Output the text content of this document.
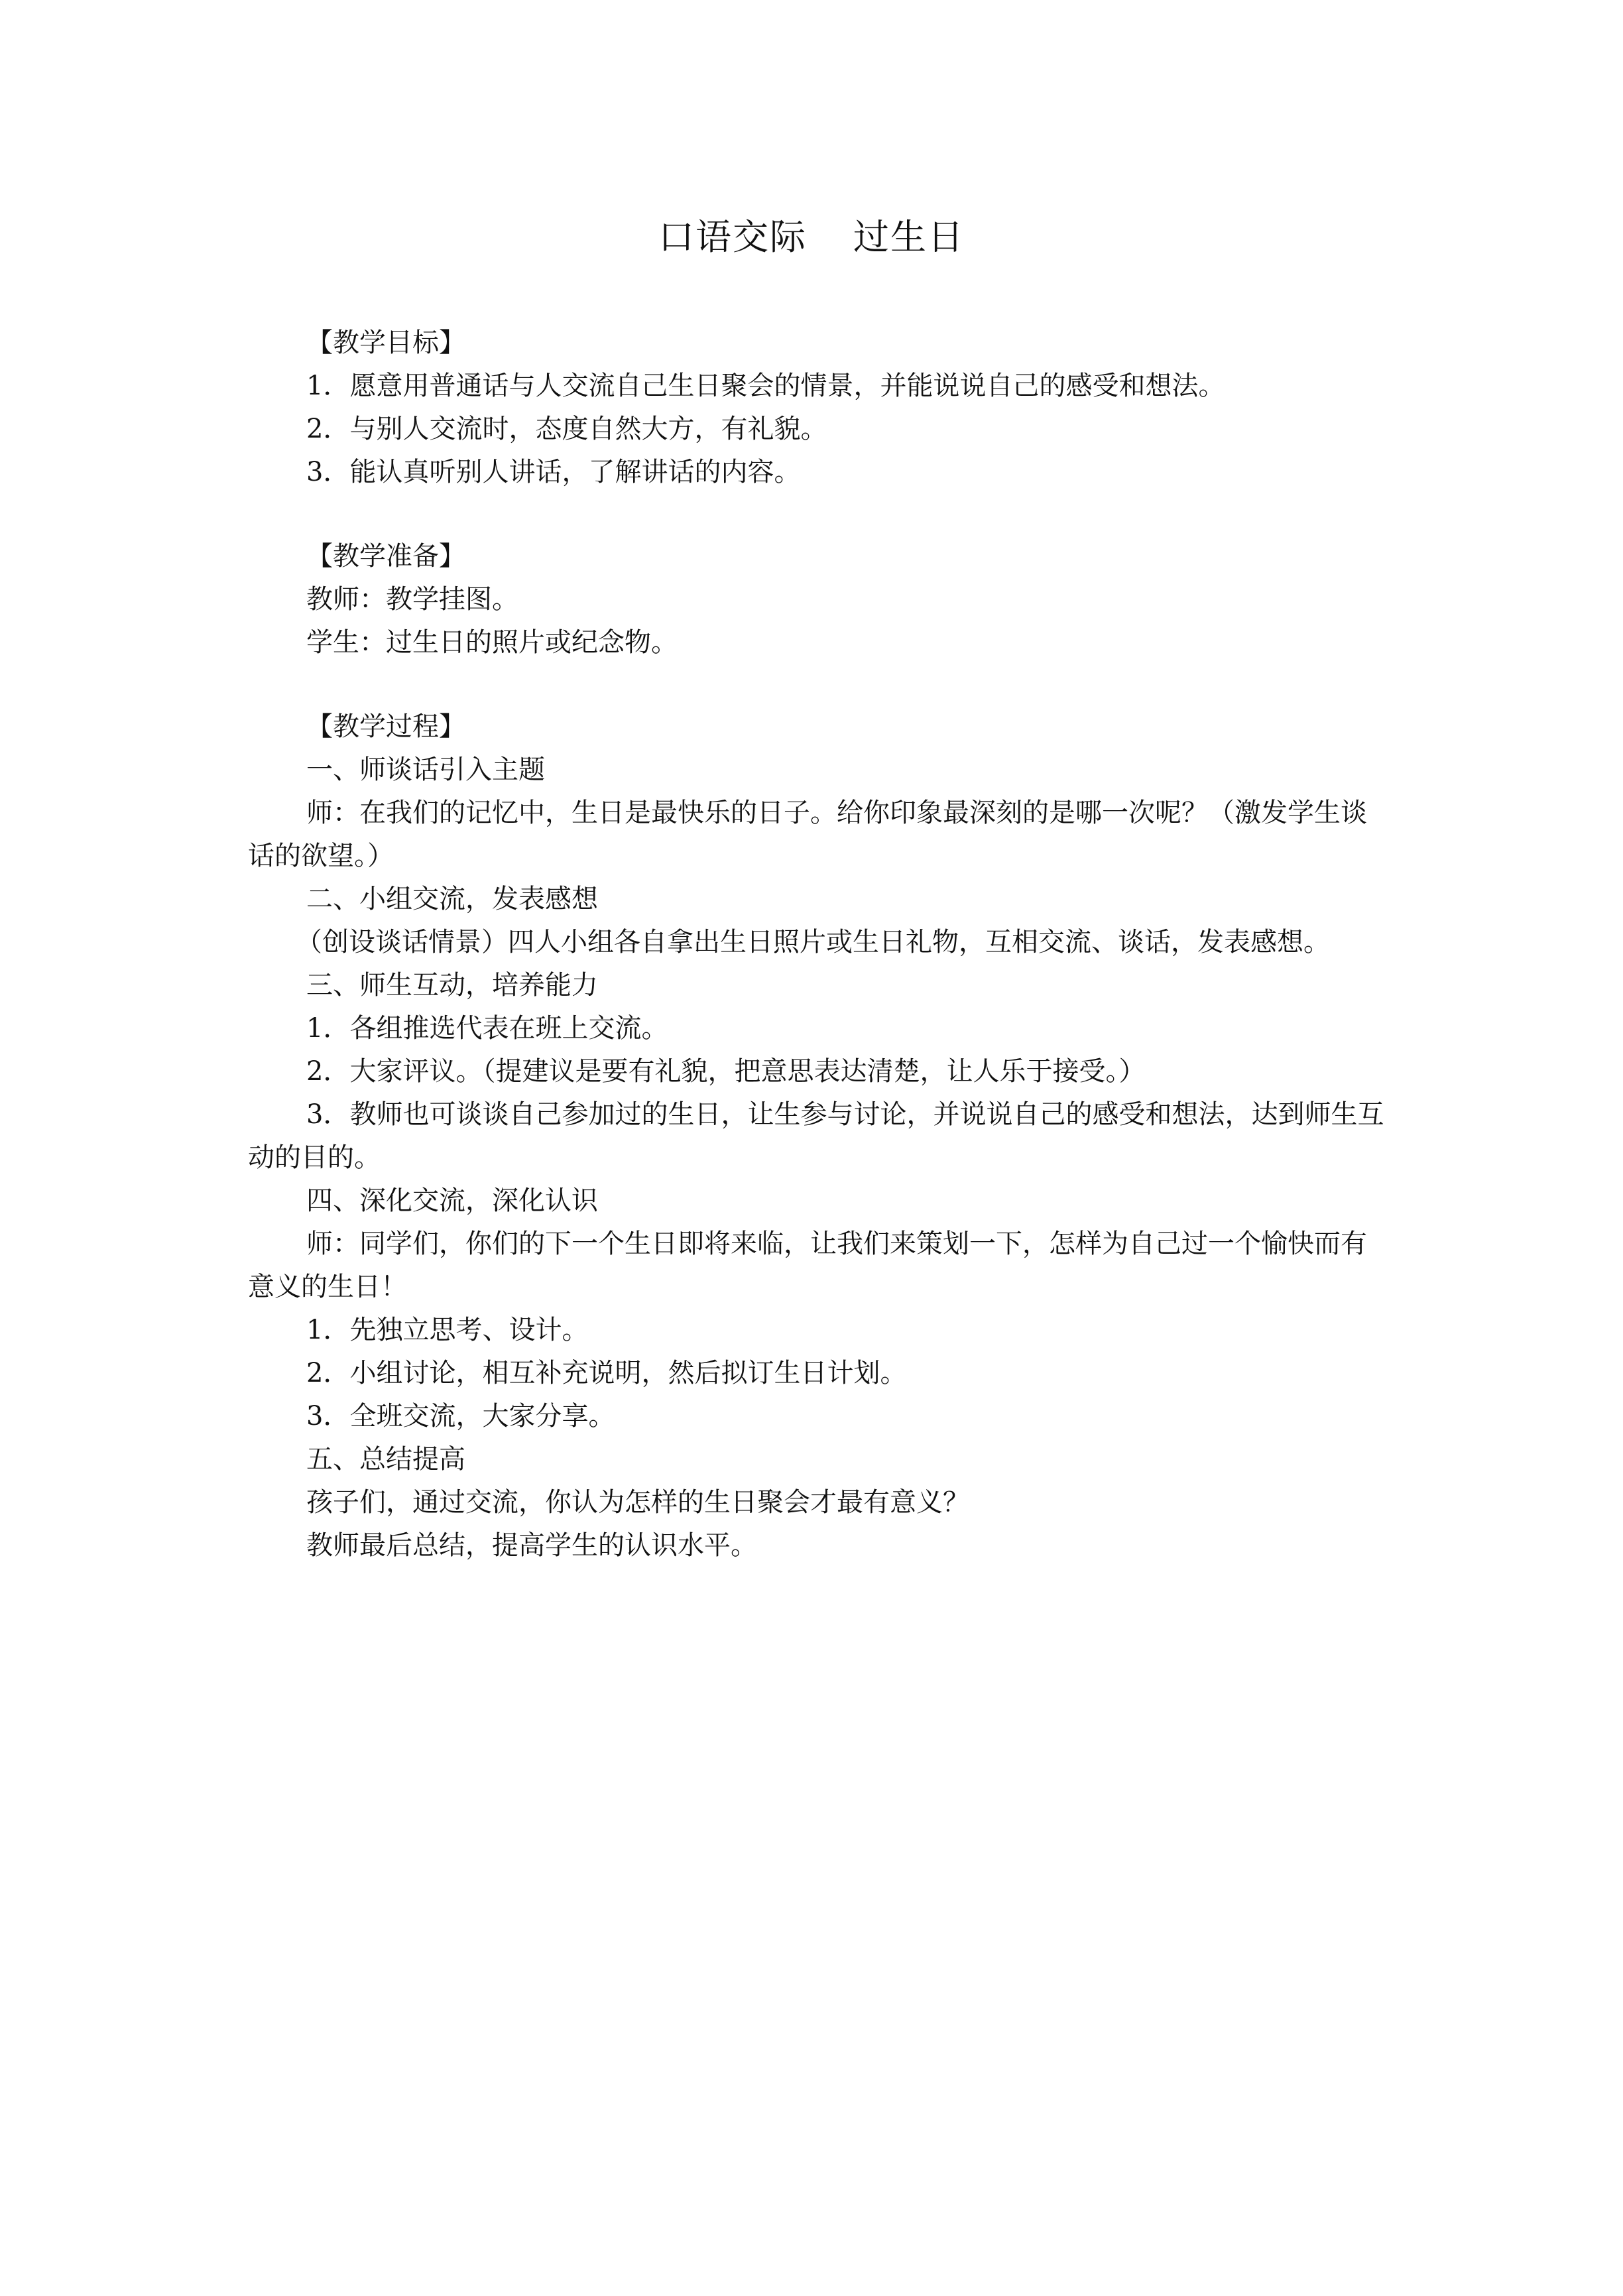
口语交际 过生日

【教学目标】

1．愿意用普通话与人交流自己生日聚会的情景，并能说说自己的感受和想法。

2．与别人交流时，态度自然大方，有礼貌。

3．能认真听别人讲话，了解讲话的内容。

【教学准备】

教师：教学挂图。

学生：过生日的照片或纪念物。

【教学过程】

一、师谈话引入主题

师：在我们的记忆中，生日是最快乐的日子。给你印象最深刻的是哪一次呢？（激发学生谈话的欲望。）

二、小组交流，发表感想

（创设谈话情景）四人小组各自拿出生日照片或生日礼物，互相交流、谈话，发表感想。

三、师生互动，培养能力

1．各组推选代表在班上交流。

2．大家评议。（提建议是要有礼貌，把意思表达清楚，让人乐于接受。）

3．教师也可谈谈自己参加过的生日，让生参与讨论，并说说自己的感受和想法，达到师生互动的目的。

四、深化交流，深化认识

师：同学们，你们的下一个生日即将来临，让我们来策划一下，怎样为自己过一个愉快而有意义的生日！

1．先独立思考、设计。

2．小组讨论，相互补充说明，然后拟订生日计划。

3．全班交流，大家分享。

五、总结提高

孩子们，通过交流，你认为怎样的生日聚会才最有意义？

教师最后总结，提高学生的认识水平。
